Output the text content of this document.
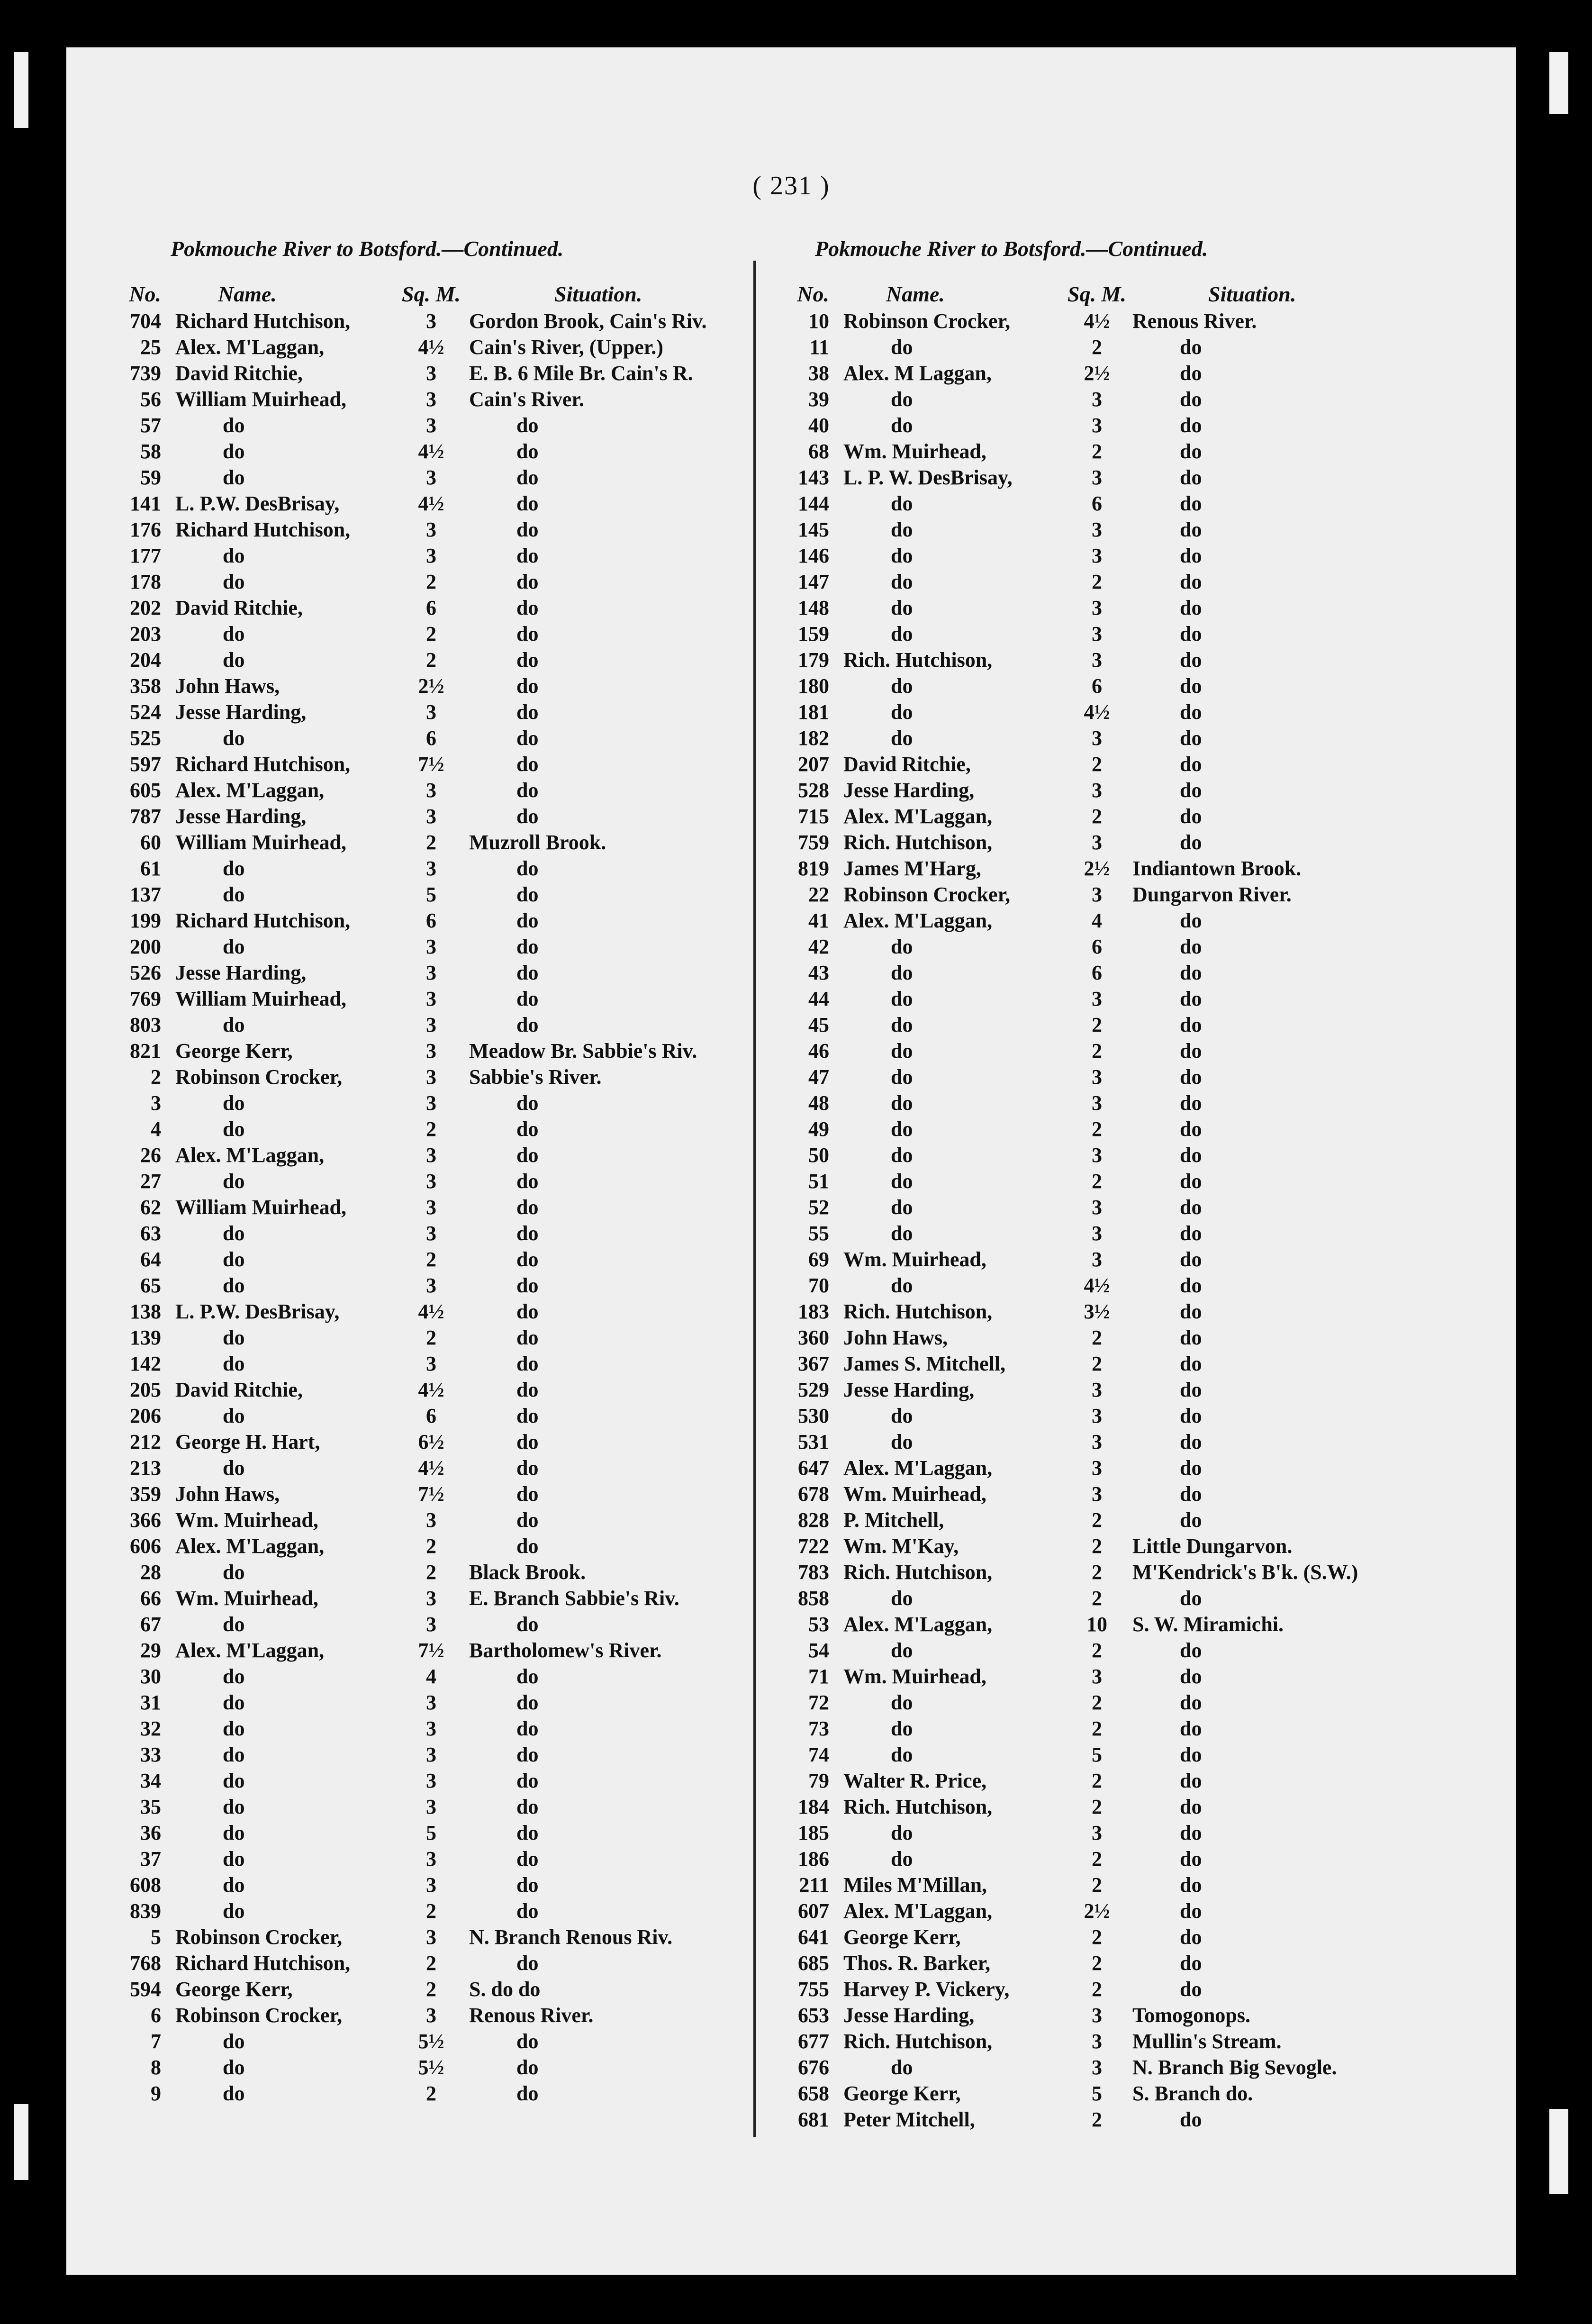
( 231 )
Pokmouche River to Botsford.—Continued.
No.	Name.	Sq. M.	Situation.
704 Richard Hutchison,	3	Gordon Brook, Cain's Riv.
25 Alex. M'Laggan,	4½	Cain's River, (Upper.)
739 David Ritchie,	3	E. B. 6 Mile Br. Cain's R.
56 William Muirhead,	3	Cain's River.
57	do	3	do
58	do	4½	do
59	do	3	do
141 L. P.W. DesBrisay,	4½	do
176 Richard Hutchison,	3	do
177	do	3	do
178	do	2	do
202 David Ritchie,	6	do
203	do	2	do
204	do	2	do
358 John Haws,	2½	do
524 Jesse Harding,	3	do
525	do	6	do
597 Richard Hutchison,	7½	do
605 Alex. M'Laggan,	3	do
787 Jesse Harding,	3	do
60 William Muirhead,	2	Muzroll Brook.
61	do	3	do
137	do	5	do
199 Richard Hutchison,	6	do
200	do	3	do
526 Jesse Harding,	3	do
769 William Muirhead,	3	do
803	do	3	do
821 George Kerr,	3	Meadow Br. Sabbie's Riv.
2 Robinson Crocker,	3	Sabbie's River.
3	do	3	do
4	do	2	do
26 Alex. M'Laggan,	3	do
27	do	3	do
62 William Muirhead,	3	do
63	do	3	do
64	do	2	do
65	do	3	do
138 L. P.W. DesBrisay,	4½	do
139	do	2	do
142	do	3	do
205 David Ritchie,	4½	do
206	do	6	do
212 George H. Hart,	6½	do
213	do	4½	do
359 John Haws,	7½	do
366 Wm. Muirhead,	3	do
606 Alex. M'Laggan,	2	do
28	do	2	Black Brook.
66 Wm. Muirhead,	3	E. Branch Sabbie's Riv.
67	do	3	do
29 Alex. M'Laggan,	7½	Bartholomew's River.
30	do	4	do
31	do	3	do
32	do	3	do
33	do	3	do
34	do	3	do
35	do	3	do
36	do	5	do
37	do	3	do
608	do	3	do
839	do	2	do
5 Robinson Crocker,	3	N. Branch Renous Riv.
768 Richard Hutchison,	2	do
594 George Kerr,	2	S. do do
6 Robinson Crocker,	3	Renous River.
7	do	5½	do
8	do	5½	do
9	do	2	do
Pokmouche River to Botsford.—Continued.
No.	Name.	Sq. M.	Situation.
10 Robinson Crocker,	4½	Renous River.
11	do	2	do
38 Alex. M Laggan,	2½	do
39	do	3	do
40	do	3	do
68 Wm. Muirhead,	2	do
143 L. P. W. DesBrisay,	3	do
144	do	6	do
145	do	3	do
146	do	3	do
147	do	2	do
148	do	3	do
159	do	3	do
179 Rich. Hutchison,	3	do
180	do	6	do
181	do	4½	do
182	do	3	do
207 David Ritchie,	2	do
528 Jesse Harding,	3	do
715 Alex. M'Laggan,	2	do
759 Rich. Hutchison,	3	do
819 James M'Harg,	2½	Indiantown Brook.
22 Robinson Crocker,	3	Dungarvon River.
41 Alex. M'Laggan,	4	do
42	do	6	do
43	do	6	do
44	do	3	do
45	do	2	do
46	do	2	do
47	do	3	do
48	do	3	do
49	do	2	do
50	do	3	do
51	do	2	do
52	do	3	do
55	do	3	do
69 Wm. Muirhead,	3	do
70	do	4½	do
183 Rich. Hutchison,	3½	do
360 John Haws,	2	do
367 James S. Mitchell,	2	do
529 Jesse Harding,	3	do
530	do	3	do
531	do	3	do
647 Alex. M'Laggan,	3	do
678 Wm. Muirhead,	3	do
828 P. Mitchell,	2	do
722 Wm. M'Kay,	2	Little Dungarvon.
783 Rich. Hutchison,	2	M'Kendrick's B'k. (S.W.)
858	do	2	do
53 Alex. M'Laggan,	10	S. W. Miramichi.
54	do	2	do
71 Wm. Muirhead,	3	do
72	do	2	do
73	do	2	do
74	do	5	do
79 Walter R. Price,	2	do
184 Rich. Hutchison,	2	do
185	do	3	do
186	do	2	do
211 Miles M'Millan,	2	do
607 Alex. M'Laggan,	2½	do
641 George Kerr,	2	do
685 Thos. R. Barker,	2	do
755 Harvey P. Vickery,	2	do
653 Jesse Harding,	3	Tomogonops.
677 Rich. Hutchison,	3	Mullin's Stream.
676	do	3	N. Branch Big Sevogle.
658 George Kerr,	5	S. Branch do.
681 Peter Mitchell,	2	do
